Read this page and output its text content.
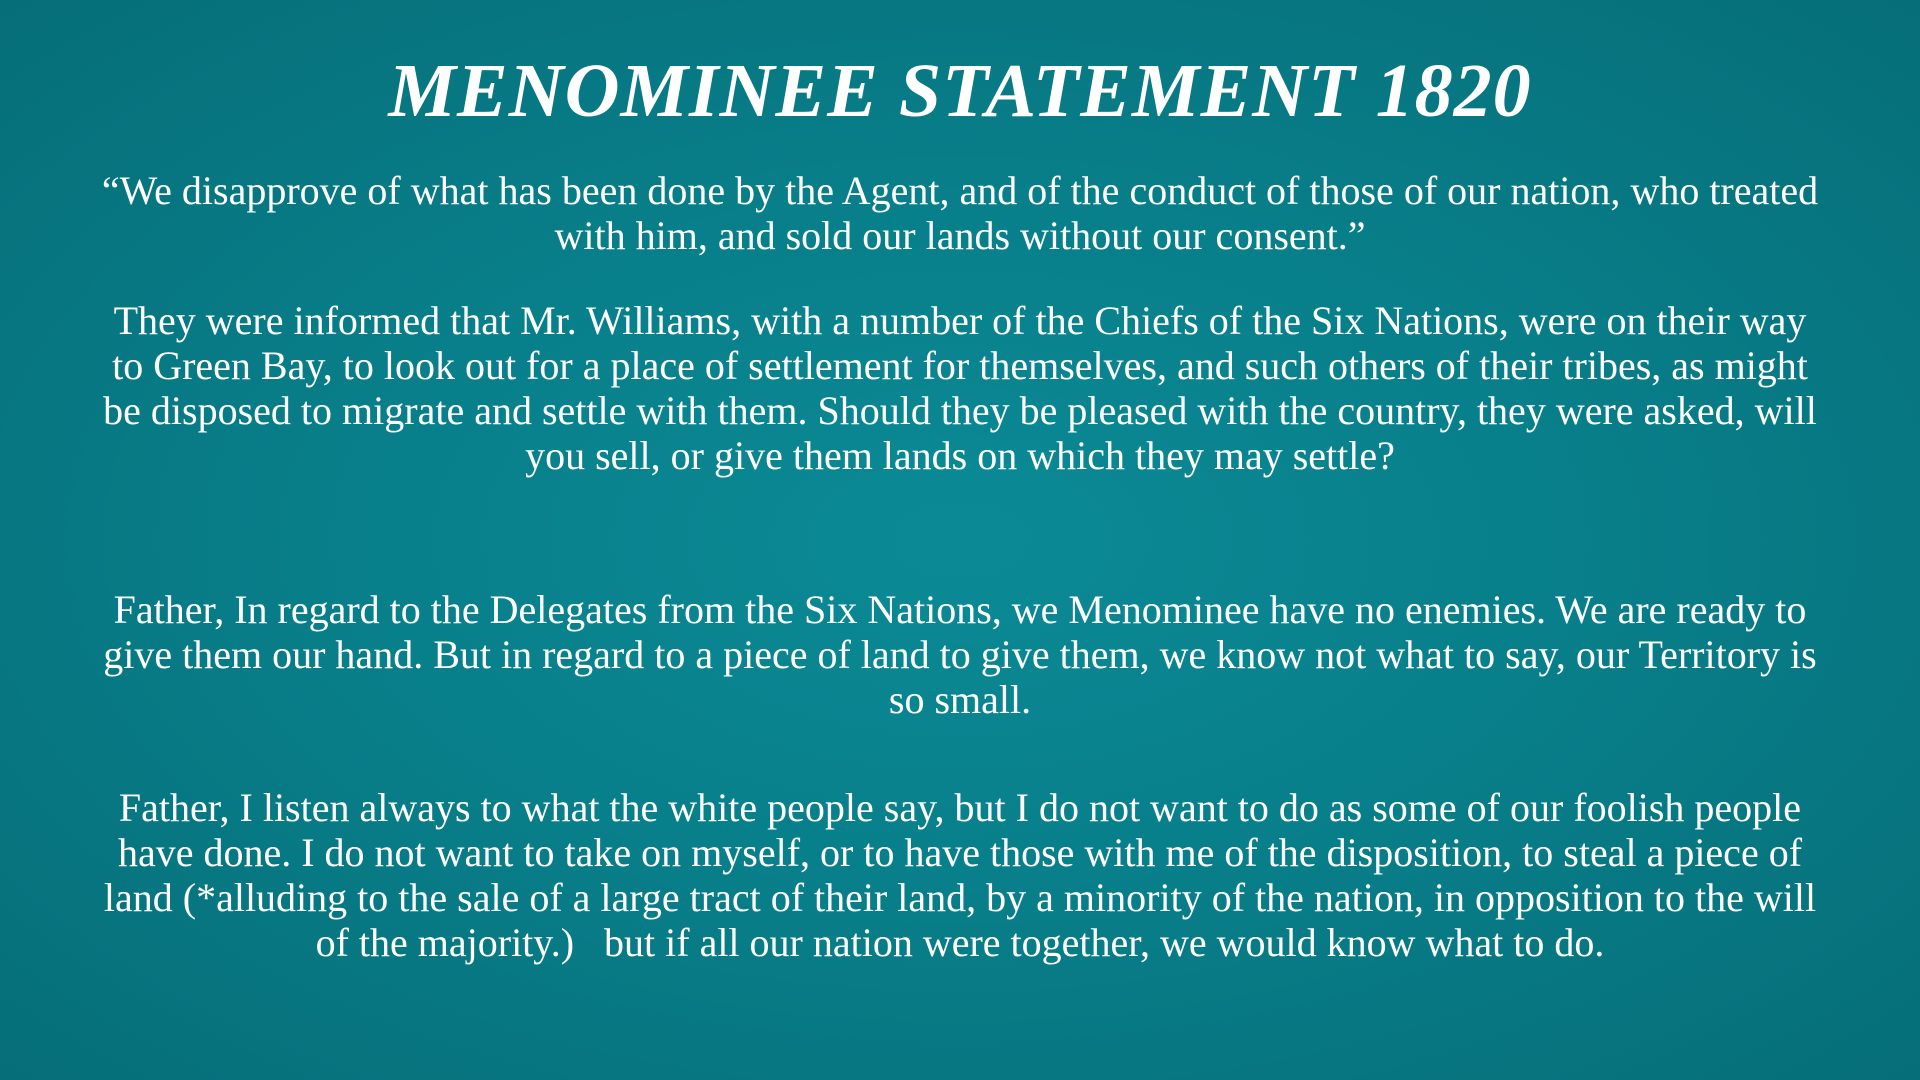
MENOMINEE STATEMENT 1820

“We disapprove of what has been done by the Agent, and of the conduct of those of our nation, who treated with him, and sold our lands without our consent.”

They were informed that Mr. Williams, with a number of the Chiefs of the Six Nations, were on their way to Green Bay, to look out for a place of settlement for themselves, and such others of their tribes, as might be disposed to migrate and settle with them. Should they be pleased with the country, they were asked, will you sell, or give them lands on which they may settle?

Father, In regard to the Delegates from the Six Nations, we Menominee have no enemies. We are ready to give them our hand. But in regard to a piece of land to give them, we know not what to say, our Territory is so small.

Father, I listen always to what the white people say, but I do not want to do as some of our foolish people have done. I do not want to take on myself, or to have those with me of the disposition, to steal a piece of land (*alluding to the sale of a large tract of their land, by a minority of the nation, in opposition to the will of the majority.)   but if all our nation were together, we would know what to do.
